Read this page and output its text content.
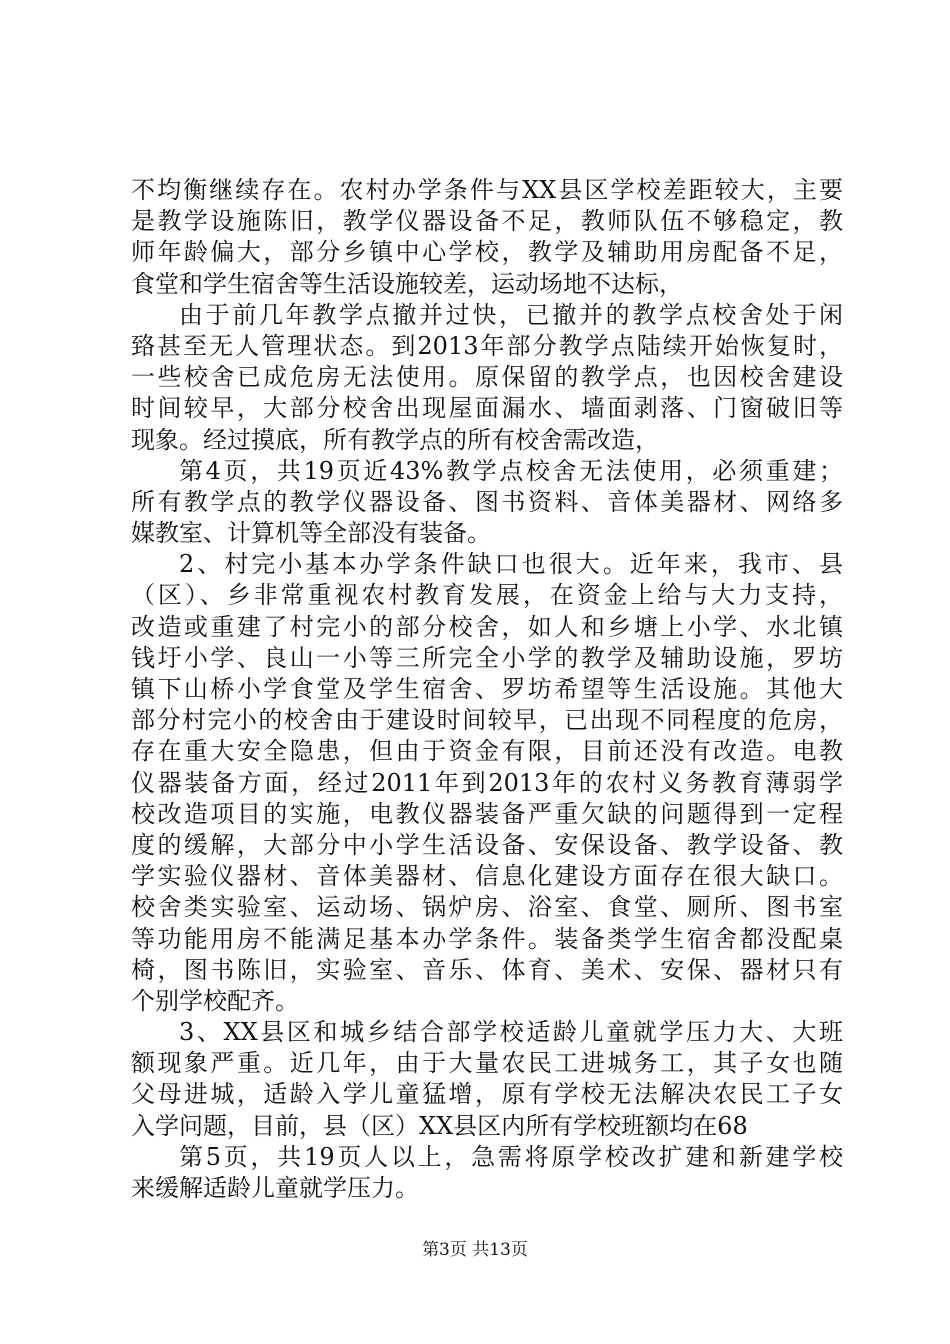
不均衡继续存在。农村办学条件与XX县区学校差距较大，主要
是教学设施陈旧，教学仪器设备不足，教师队伍不够稳定，教
师年龄偏大，部分乡镇中心学校，教学及辅助用房配备不足，
食堂和学生宿舍等生活设施较差，运动场地不达标，
由于前几年教学点撤并过快，已撤并的教学点校舍处于闲
臵甚至无人管理状态。到2013年部分教学点陆续开始恢复时，
一些校舍已成危房无法使用。原保留的教学点，也因校舍建设
时间较早，大部分校舍出现屋面漏水、墙面剥落、门窗破旧等
现象。经过摸底，所有教学点的所有校舍需改造，
第4页，共19页近43%教学点校舍无法使用，必须重建；
所有教学点的教学仪器设备、图书资料、音体美器材、网络多
媒教室、计算机等全部没有装备。
2、村完小基本办学条件缺口也很大。近年来，我市、县
（区）、乡非常重视农村教育发展，在资金上给与大力支持，
改造或重建了村完小的部分校舍，如人和乡塘上小学、水北镇
钱圩小学、良山一小等三所完全小学的教学及辅助设施，罗坊
镇下山桥小学食堂及学生宿舍、罗坊希望等生活设施。其他大
部分村完小的校舍由于建设时间较早，已出现不同程度的危房，
存在重大安全隐患，但由于资金有限，目前还没有改造。电教
仪器装备方面，经过2011年到2013年的农村义务教育薄弱学
校改造项目的实施，电教仪器装备严重欠缺的问题得到一定程
度的缓解，大部分中小学生活设备、安保设备、教学设备、教
学实验仪器材、音体美器材、信息化建设方面存在很大缺口。
校舍类实验室、运动场、锅炉房、浴室、食堂、厕所、图书室
等功能用房不能满足基本办学条件。装备类学生宿舍都没配桌
椅，图书陈旧，实验室、音乐、体育、美术、安保、器材只有
个别学校配齐。
3、XX县区和城乡结合部学校适龄儿童就学压力大、大班
额现象严重。近几年，由于大量农民工进城务工，其子女也随
父母进城，适龄入学儿童猛增，原有学校无法解决农民工子女
入学问题，目前，县（区）XX县区内所有学校班额均在68
第5页，共19页人以上，急需将原学校改扩建和新建学校
来缓解适龄儿童就学压力。
第3页 共13页
